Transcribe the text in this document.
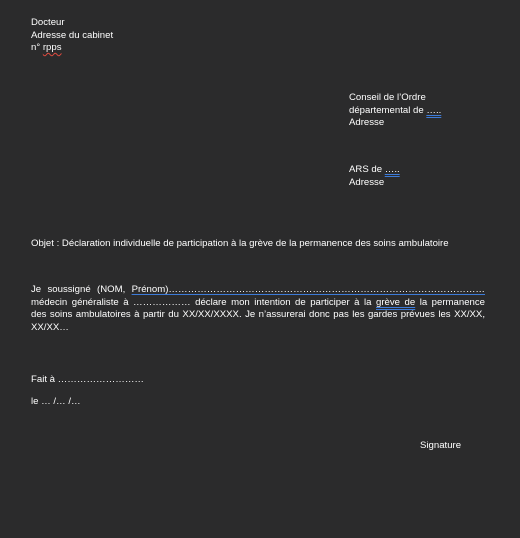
Docteur
Adresse du cabinet
n° rpps
Conseil de l’Ordre
départemental de …..
Adresse
ARS de …..
Adresse
Objet : Déclaration individuelle de participation à la grève de la permanence des soins ambulatoire
Je soussigné (NOM, Prénom)………………………………………………………………………………………
médecin généraliste à ……………… déclare mon intention de participer à la grève de la permanence
des soins ambulatoires à partir du XX/XX/XXXX. Je n’assurerai donc pas les gardes prévues les XX/XX,
XX/XX…
Fait à ………………………
le … /… /…
Signature
